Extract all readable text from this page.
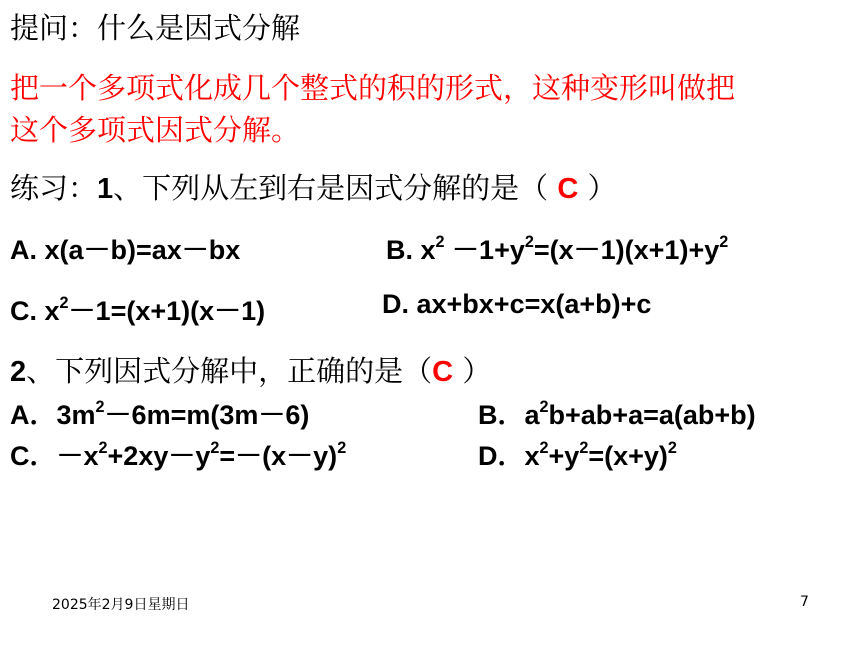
提问：什么是因式分解
把一个多项式化成几个整式的积的形式，这种变形叫做把
这个多项式因式分解。
练习：1、下列从左到右是因式分解的是（ C ）
A. x(a－b)=ax－bx	B. $x^2 -1+y^2=(x-1)(x+1)+y^2$
C. $x^2-1=(x+1)(x-1)$	D. ax+bx+c=x(a+b)+c
2、下列因式分解中，正确的是（C ）
A．$3m^2-6m=m(3m-6)$	B．$a^2b+ab+a=a(ab+b)$
C．$-x^2+2xy-y^2=-(x-y)^2$	D．$x^2+y^2=(x+y)^2$
2025年2月9日星期日	7
